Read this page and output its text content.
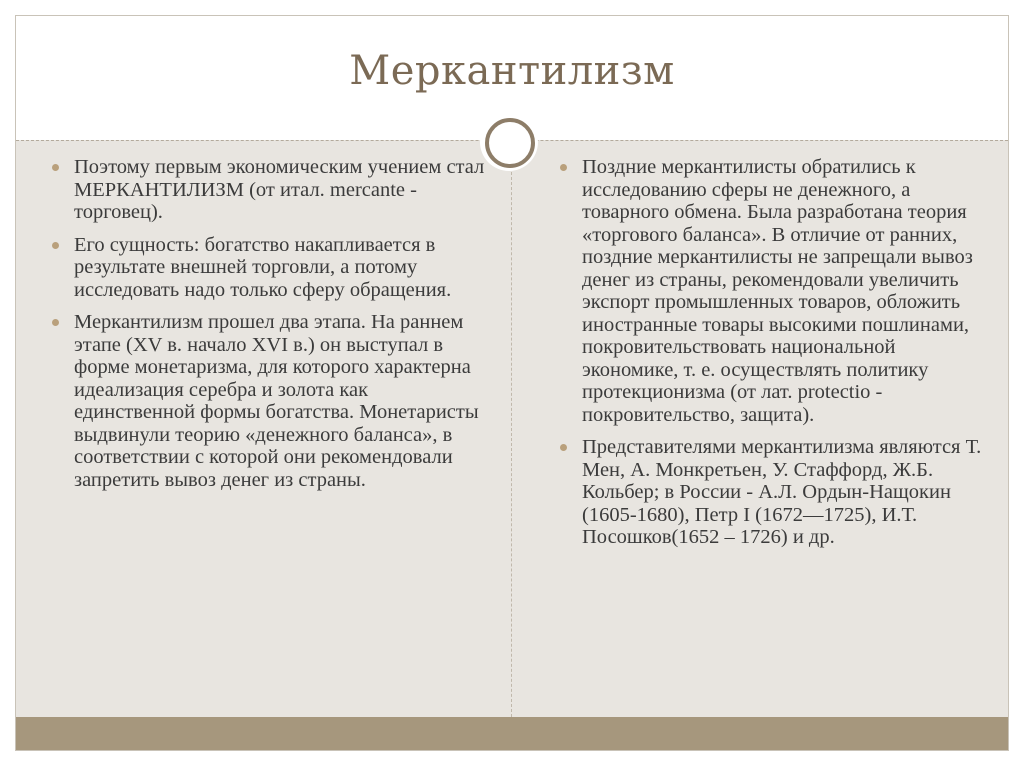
Меркантилизм
Поэтому первым экономическим учением стал МЕРКАНТИЛИЗМ (от итал. mercante - торговец).
Его сущность: богатство накапливается в результате внешней торговли, а потому исследовать надо только сферу обращения.
Меркантилизм прошел два этапа. На раннем этапе (XV в. начало XVI в.) он выступал в форме монетаризма, для которого характерна идеализация серебра и золота как единственной формы богатства. Монетаристы выдвинули теорию «денежного баланса», в соответствии с которой они рекомендовали запретить вывоз денег из страны.
Поздние меркантилисты обратились к исследованию сферы не денежного, а товарного обмена. Была разработана теория «торгового баланса». В отличие от ранних, поздние меркантилисты не запрещали вывоз денег из страны, рекомендовали увеличить экспорт промышленных товаров, обложить иностранные товары высокими пошлинами, покровительствовать национальной экономике, т. е. осуществлять политику протекционизма (от лат. protectio - покровительство, защита).
Представителями меркантилизма являются Т. Мен, А. Монкретьен, У. Стаффорд, Ж.Б. Кольбер; в России - А.Л. Ордын-Нащокин (1605-1680), Петр I (1672—1725), И.Т. Посошков(1652 – 1726) и др.
